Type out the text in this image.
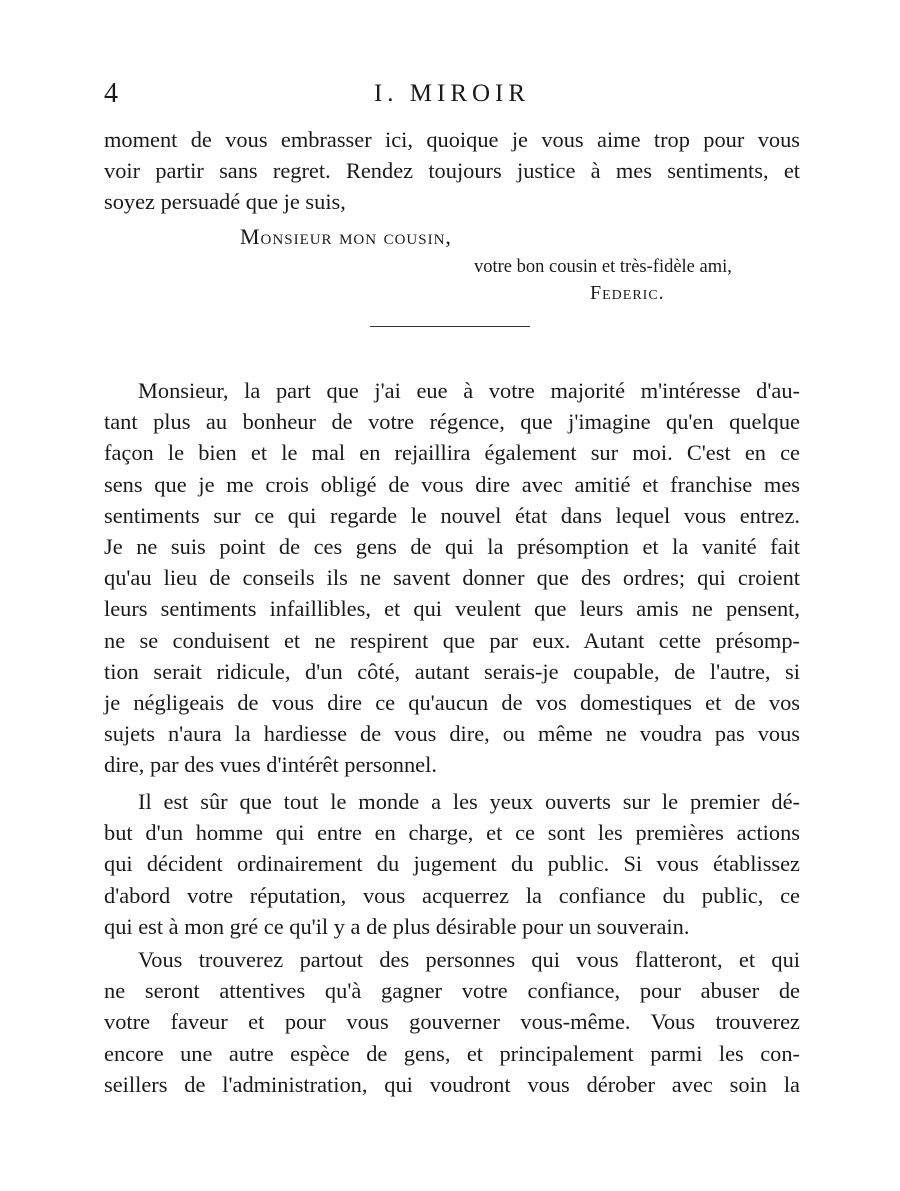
4	I. MIROIR
moment de vous embrasser ici, quoique je vous aime trop pour vous
voir partir sans regret. Rendez toujours justice à mes sentiments, et
soyez persuadé que je suis,
Monsieur mon cousin,
votre bon cousin et très-fidèle ami,
Federic.
Monsieur, la part que j'ai eue à votre majorité m'intéresse d'au-
tant plus au bonheur de votre régence, que j'imagine qu'en quelque
façon le bien et le mal en rejaillira également sur moi. C'est en ce
sens que je me crois obligé de vous dire avec amitié et franchise mes
sentiments sur ce qui regarde le nouvel état dans lequel vous entrez.
Je ne suis point de ces gens de qui la présomption et la vanité fait
qu'au lieu de conseils ils ne savent donner que des ordres; qui croient
leurs sentiments infaillibles, et qui veulent que leurs amis ne pensent,
ne se conduisent et ne respirent que par eux. Autant cette présomp-
tion serait ridicule, d'un côté, autant serais-je coupable, de l'autre, si
je négligeais de vous dire ce qu'aucun de vos domestiques et de vos
sujets n'aura la hardiesse de vous dire, ou même ne voudra pas vous
dire, par des vues d'intérêt personnel.
Il est sûr que tout le monde a les yeux ouverts sur le premier dé-
but d'un homme qui entre en charge, et ce sont les premières actions
qui décident ordinairement du jugement du public. Si vous établissez
d'abord votre réputation, vous acquerrez la confiance du public, ce
qui est à mon gré ce qu'il y a de plus désirable pour un souverain.
Vous trouverez partout des personnes qui vous flatteront, et qui
ne seront attentives qu'à gagner votre confiance, pour abuser de
votre faveur et pour vous gouverner vous-même. Vous trouverez
encore une autre espèce de gens, et principalement parmi les con-
seillers de l'administration, qui voudront vous dérober avec soin la
